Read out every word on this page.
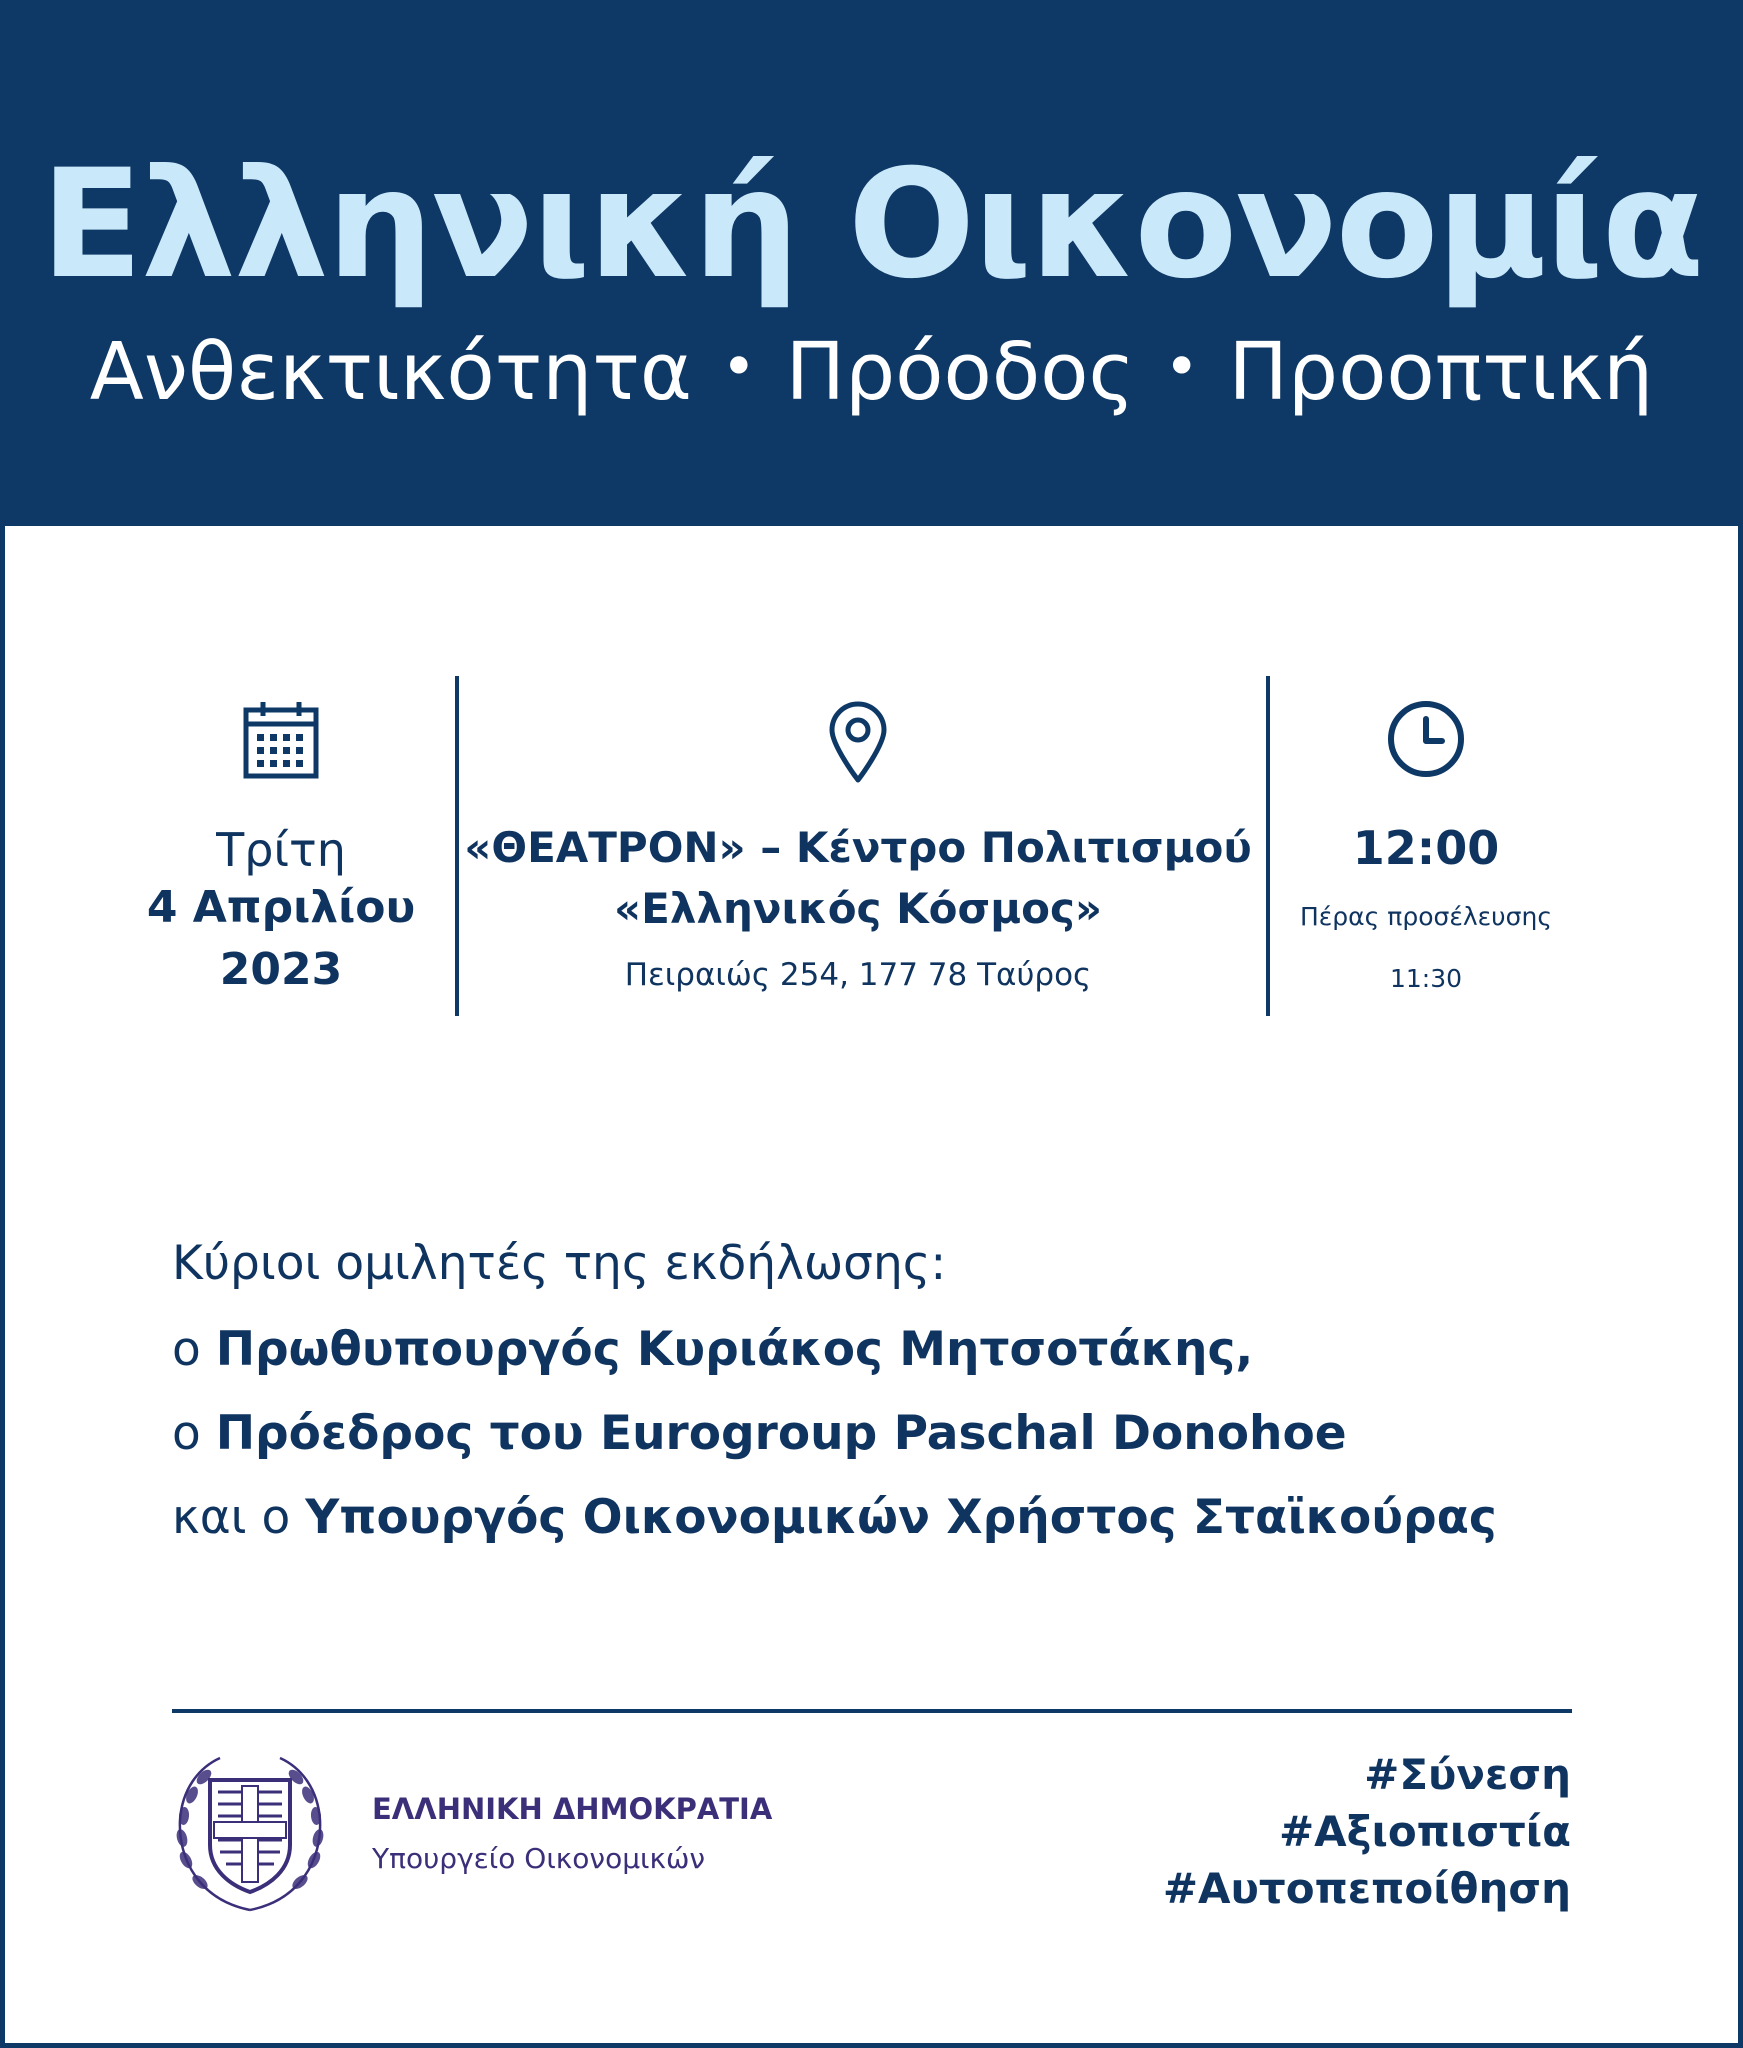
Ελληνική Οικονομία
Ανθεκτικότητα • Πρόοδος • Προοπτική
Τρίτη
4 Απριλίου
2023
«ΘΕΑΤΡΟΝ» – Κέντρο Πολιτισμού
«Ελληνικός Κόσμος»
Πειραιώς 254, 177 78 Ταύρος
12:00
Πέρας προσέλευσης
11:30
Κύριοι ομιλητές της εκδήλωσης:
ο Πρωθυπουργός Κυριάκος Μητσοτάκης,
ο Πρόεδρος του Eurogroup Paschal Donohoe
και ο Υπουργός Οικονομικών Χρήστος Σταϊκούρας
ΕΛΛΗΝΙΚΗ ΔΗΜΟΚΡΑΤΙΑ
Υπουργείο Οικονομικών
#Σύνεση
#Αξιοπιστία
#Αυτοπεποίθηση
